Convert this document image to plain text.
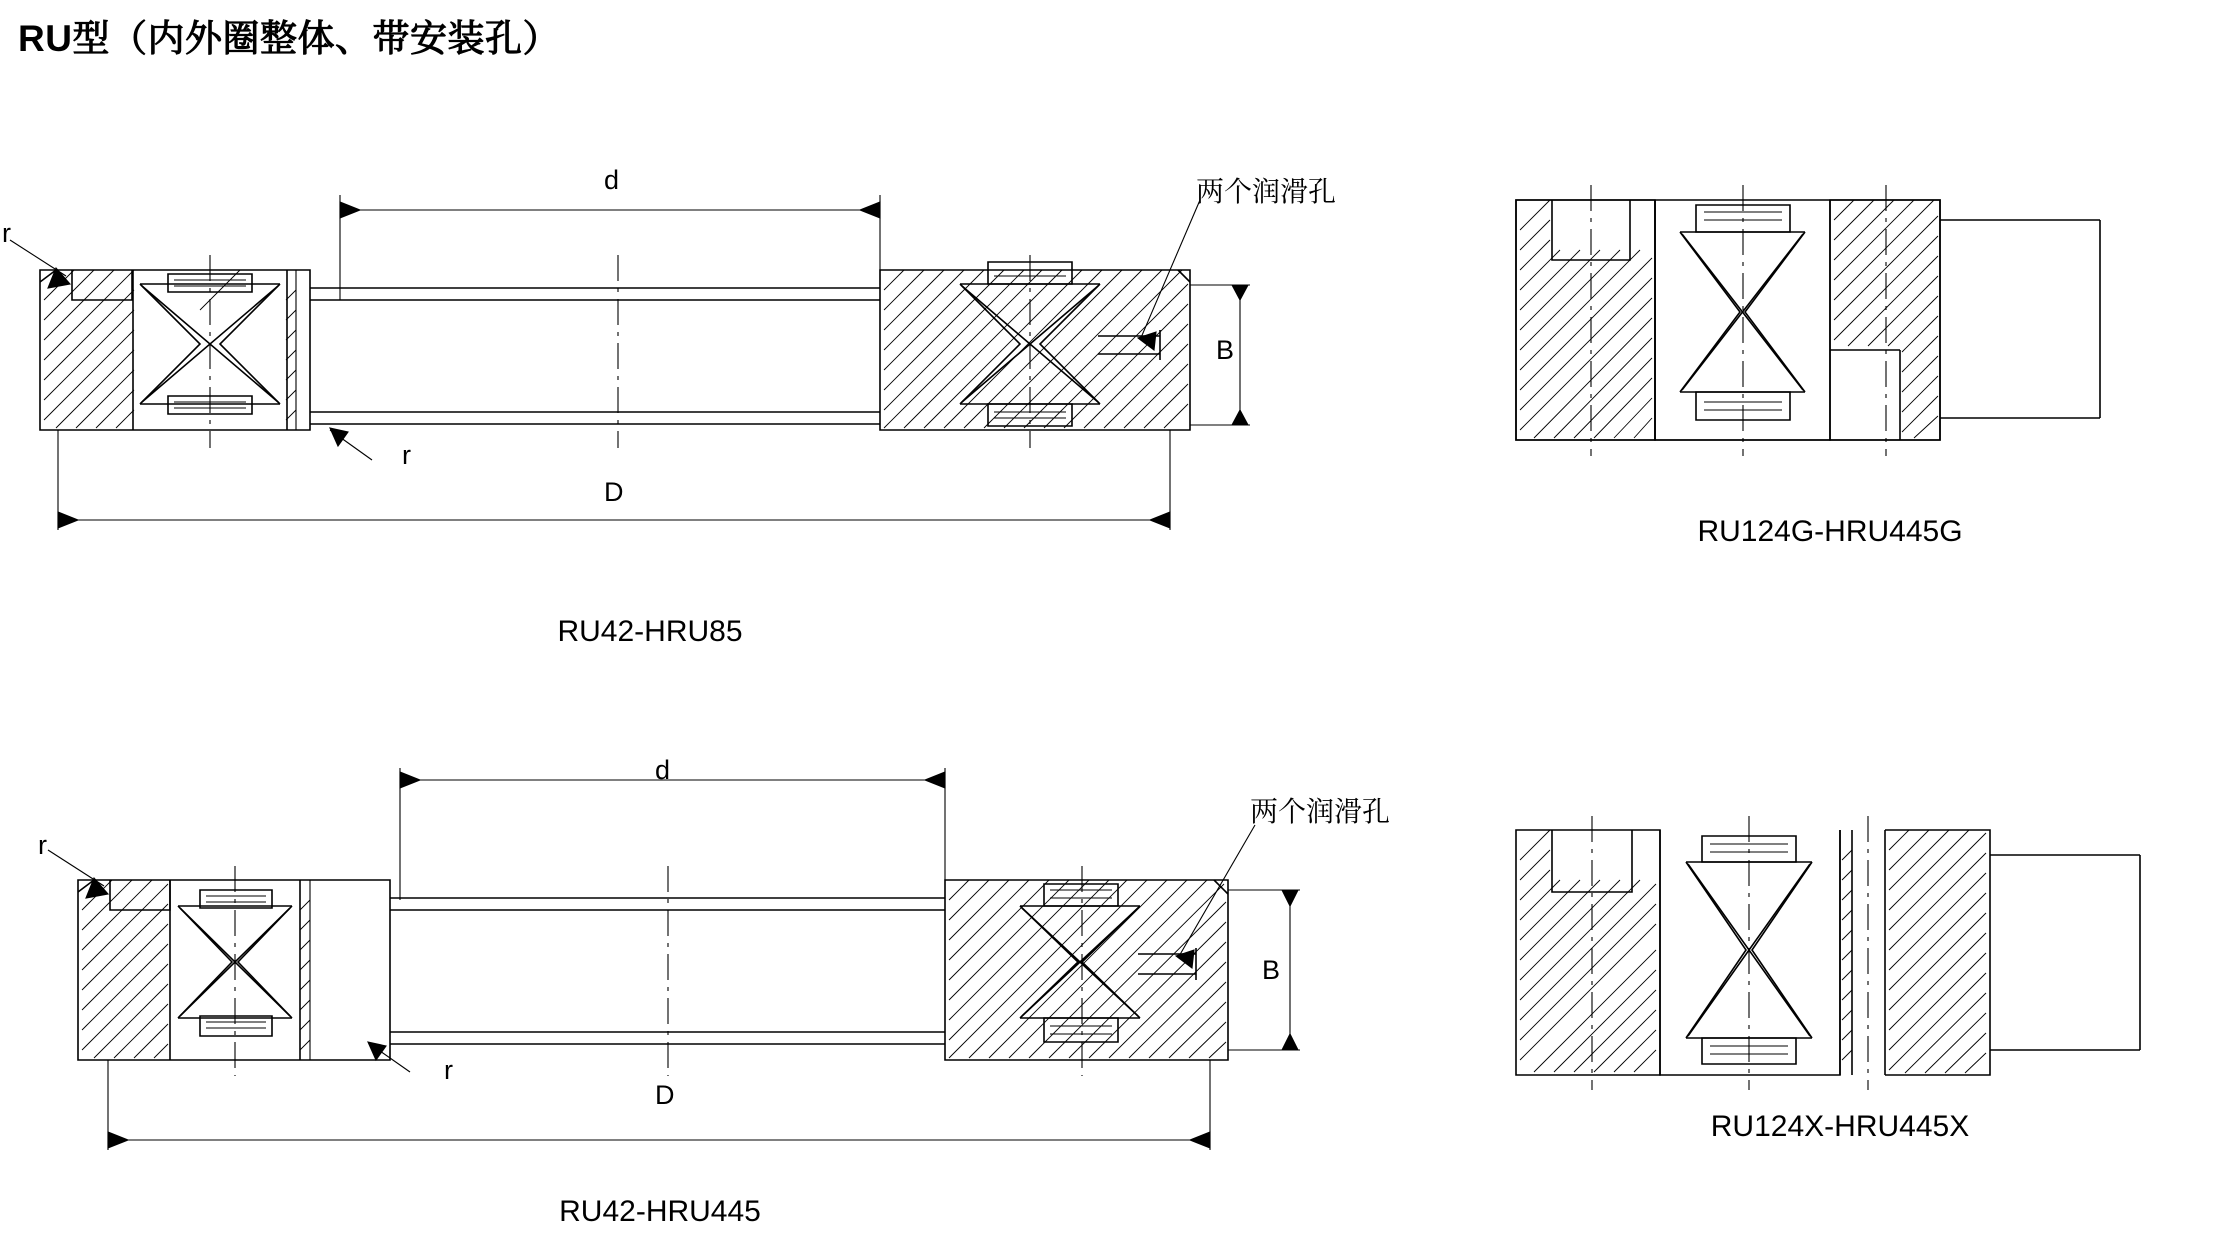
RU型（内外圈整体、带安装孔）
d
D
B
r
r
两个润滑孔
RU42-HRU85
RU124G-HRU445G
d
D
B
r
r
两个润滑孔
RU42-HRU445
RU124X-HRU445X
